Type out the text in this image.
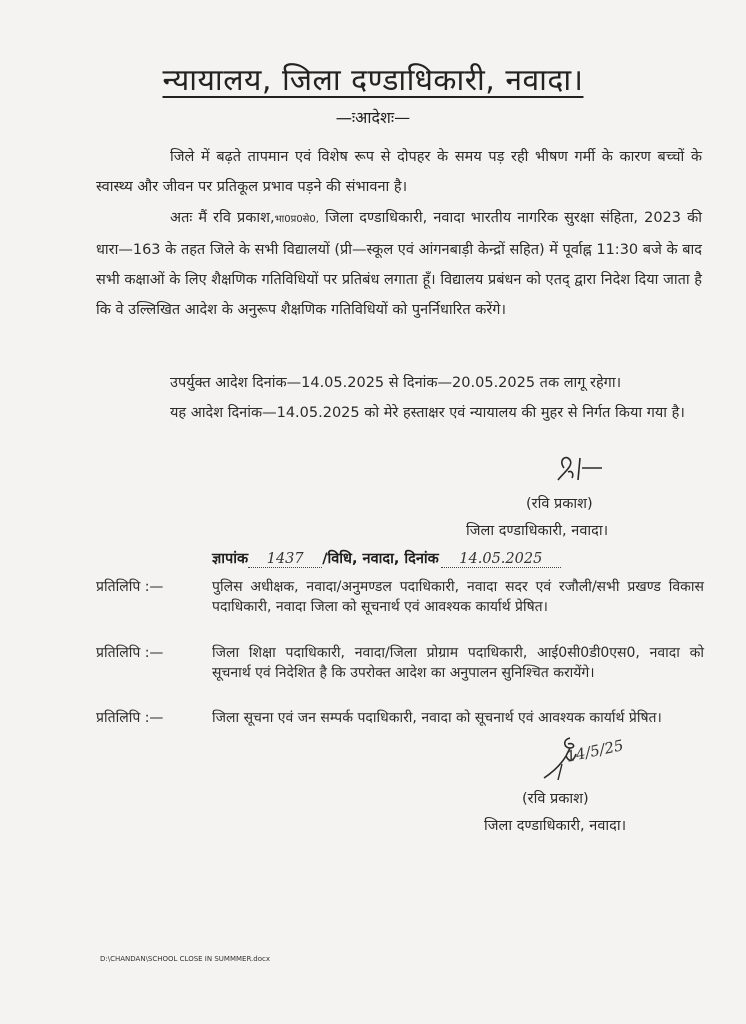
न्यायालय, जिला दण्डाधिकारी, नवादा।
—ःआदेशः—
जिले में बढ़ते तापमान एवं विशेष रूप से दोपहर के समय पड़ रही भीषण गर्मी के कारण बच्चों के स्वास्थ्य और जीवन पर प्रतिकूल प्रभाव पड़ने की संभावना है।
अतः मैं रवि प्रकाश,भा0प्र0से0, जिला दण्डाधिकारी, नवादा भारतीय नागरिक सुरक्षा संहिता, 2023 की धारा—163 के तहत जिले के सभी विद्यालयों (प्री—स्कूल एवं आंगनबाड़ी केन्द्रों सहित) में पूर्वाह्न 11:30 बजे के बाद सभी कक्षाओं के लिए शैक्षणिक गतिविधियों पर प्रतिबंध लगाता हूँ। विद्यालय प्रबंधन को एतद् द्वारा निदेश दिया जाता है कि वे उल्लिखित आदेश के अनुरूप शैक्षणिक गतिविधियों को पुनर्निधारित करेंगे।
उपर्युक्त आदेश दिनांक—14.05.2025 से दिनांक—20.05.2025 तक लागू रहेगा।
यह आदेश दिनांक—14.05.2025 को मेरे हस्ताक्षर एवं न्यायालय की मुहर से निर्गत किया गया है।
(रवि प्रकाश)
जिला दण्डाधिकारी, नवादा।
ज्ञापांक 1437 /विधि, नवादा, दिनांक 14.05.2025
प्रतिलिपि :—	पुलिस अधीक्षक, नवादा/अनुमण्डल पदाधिकारी, नवादा सदर एवं रजौली/सभी प्रखण्ड विकास पदाधिकारी, नवादा जिला को सूचनार्थ एवं आवश्यक कार्यार्थ प्रेषित।
प्रतिलिपि :—	जिला शिक्षा पदाधिकारी, नवादा/जिला प्रोग्राम पदाधिकारी, आई0सी0डी0एस0, नवादा को सूचनार्थ एवं निदेशित है कि उपरोक्त आदेश का अनुपालन सुनिश्चित करायेंगे।
प्रतिलिपि :—	जिला सूचना एवं जन सम्पर्क पदाधिकारी, नवादा को सूचनार्थ एवं आवश्यक कार्यार्थ प्रेषित।
14/5/25
(रवि प्रकाश)
जिला दण्डाधिकारी, नवादा।
D:\CHANDAN\SCHOOL CLOSE IN SUMMMER.docx
